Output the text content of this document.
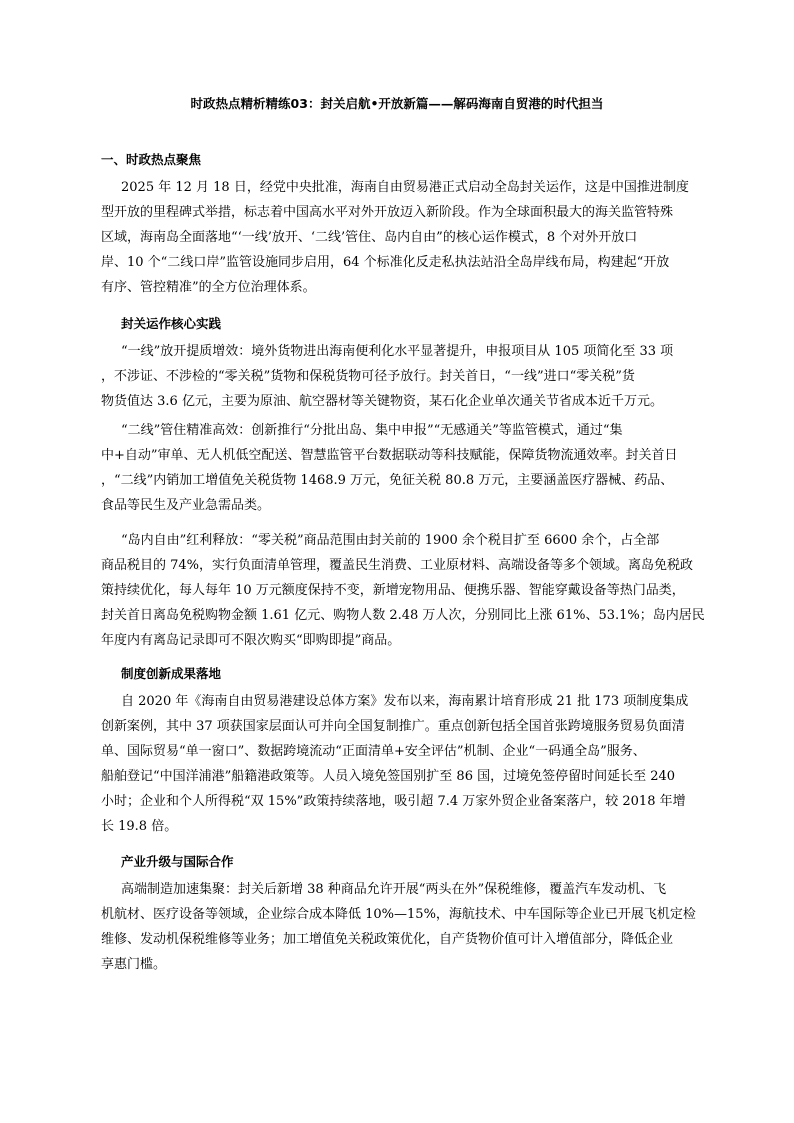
时政热点精析精练03：封关启航•开放新篇——解码海南自贸港的时代担当
一、时政热点聚焦
2025 年 12 月 18 日，经党中央批准，海南自由贸易港正式启动全岛封关运作，这是中国推进制度
型开放的里程碑式举措，标志着中国高水平对外开放迈入新阶段。作为全球面积最大的海关监管特殊
区域，海南岛全面落地“‘一线’放开、‘二线’管住、岛内自由”的核心运作模式，8 个对外开放口
岸、10 个“二线口岸”监管设施同步启用，64 个标准化反走私执法站沿全岛岸线布局，构建起“开放
有序、管控精准”的全方位治理体系。
封关运作核心实践
“一线”放开提质增效：境外货物进出海南便利化水平显著提升，申报项目从 105 项简化至 33 项
，不涉证、不涉检的“零关税”货物和保税货物可径予放行。封关首日，“一线”进口“零关税”货
物货值达 3.6 亿元，主要为原油、航空器材等关键物资，某石化企业单次通关节省成本近千万元。
“二线”管住精准高效：创新推行“分批出岛、集中申报”“无感通关”等监管模式，通过“集
中+自动”审单、无人机低空配送、智慧监管平台数据联动等科技赋能，保障货物流通效率。封关首日
，“二线”内销加工增值免关税货物 1468.9 万元，免征关税 80.8 万元，主要涵盖医疗器械、药品、
食品等民生及产业急需品类。
“岛内自由”红利释放：“零关税”商品范围由封关前的 1900 余个税目扩至 6600 余个，占全部
商品税目的 74%，实行负面清单管理，覆盖民生消费、工业原材料、高端设备等多个领域。离岛免税政
策持续优化，每人每年 10 万元额度保持不变，新增宠物用品、便携乐器、智能穿戴设备等热门品类，
封关首日离岛免税购物金额 1.61 亿元、购物人数 2.48 万人次，分别同比上涨 61%、53.1%；岛内居民
年度内有离岛记录即可不限次购买“即购即提”商品。
制度创新成果落地
自 2020 年《海南自由贸易港建设总体方案》发布以来，海南累计培育形成 21 批 173 项制度集成
创新案例，其中 37 项获国家层面认可并向全国复制推广。重点创新包括全国首张跨境服务贸易负面清
单、国际贸易“单一窗口”、数据跨境流动“正面清单+安全评估”机制、企业“一码通全岛”服务、
船舶登记“中国洋浦港”船籍港政策等。人员入境免签国别扩至 86 国，过境免签停留时间延长至 240
小时；企业和个人所得税“双 15%”政策持续落地，吸引超 7.4 万家外贸企业备案落户，较 2018 年增
长 19.8 倍。
产业升级与国际合作
高端制造加速集聚：封关后新增 38 种商品允许开展“两头在外”保税维修，覆盖汽车发动机、飞
机航材、医疗设备等领域，企业综合成本降低 10%—15%，海航技术、中车国际等企业已开展飞机定检
维修、发动机保税维修等业务；加工增值免关税政策优化，自产货物价值可计入增值部分，降低企业
享惠门槛。
